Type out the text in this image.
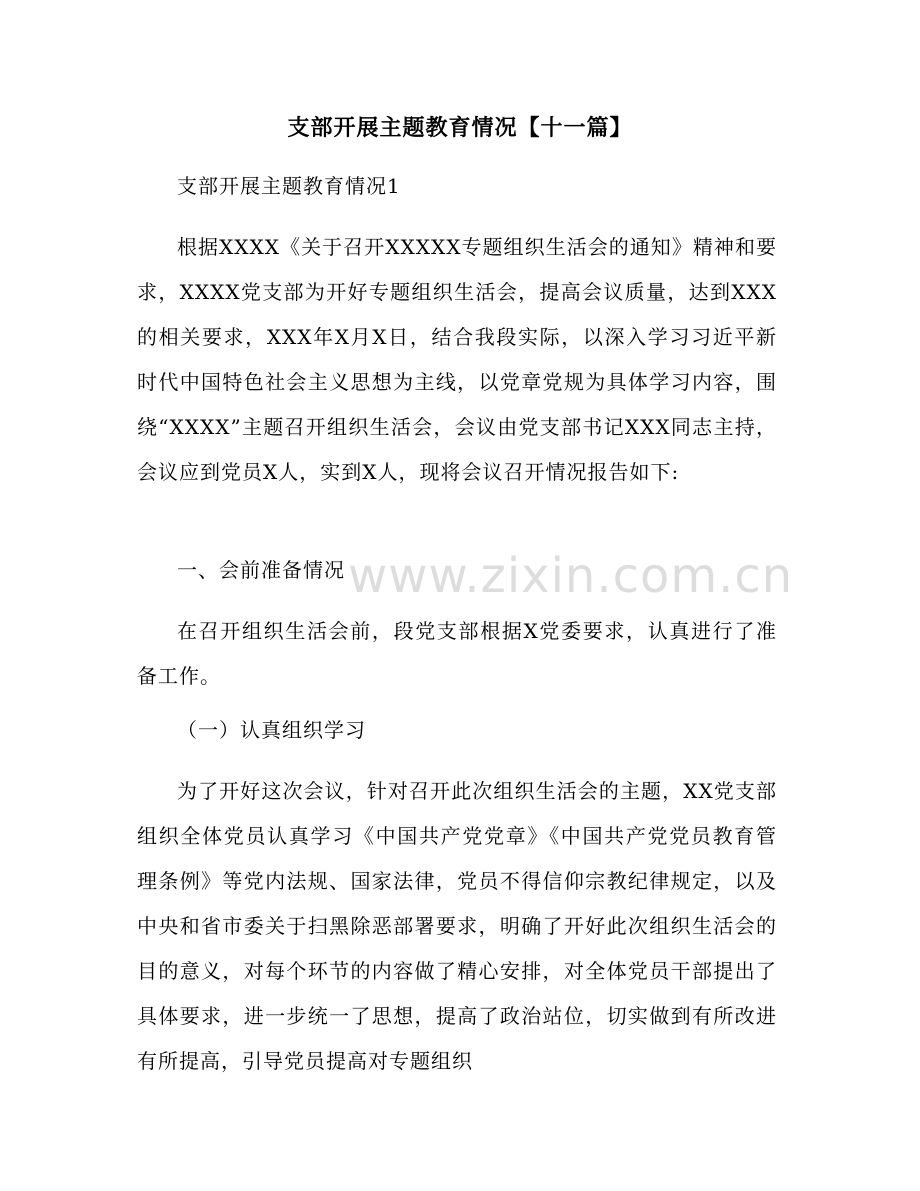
支部开展主题教育情况【十一篇】
支部开展主题教育情况1
根据XXXX《关于召开XXXXX专题组织生活会的通知》精神和要求，XXXX党支部为开好专题组织生活会，提高会议质量，达到XXX的相关要求，XXX年X月X日，结合我段实际，以深入学习习近平新时代中国特色社会主义思想为主线，以党章党规为具体学习内容，围绕“XXXX”主题召开组织生活会，会议由党支部书记XXX同志主持，会议应到党员X人，实到X人，现将会议召开情况报告如下:
一、会前准备情况
在召开组织生活会前，段党支部根据X党委要求，认真进行了准备工作。
（一）认真组织学习
为了开好这次会议，针对召开此次组织生活会的主题，XX党支部组织全体党员认真学习《中国共产党党章》《中国共产党党员教育管理条例》等党内法规、国家法律，党员不得信仰宗教纪律规定，以及中央和省市委关于扫黑除恶部署要求，明确了开好此次组织生活会的目的意义，对每个环节的内容做了精心安排，对全体党员干部提出了具体要求，进一步统一了思想，提高了政治站位，切实做到有所改进有所提高，引导党员提高对专题组织
www.zixin.com.cn
